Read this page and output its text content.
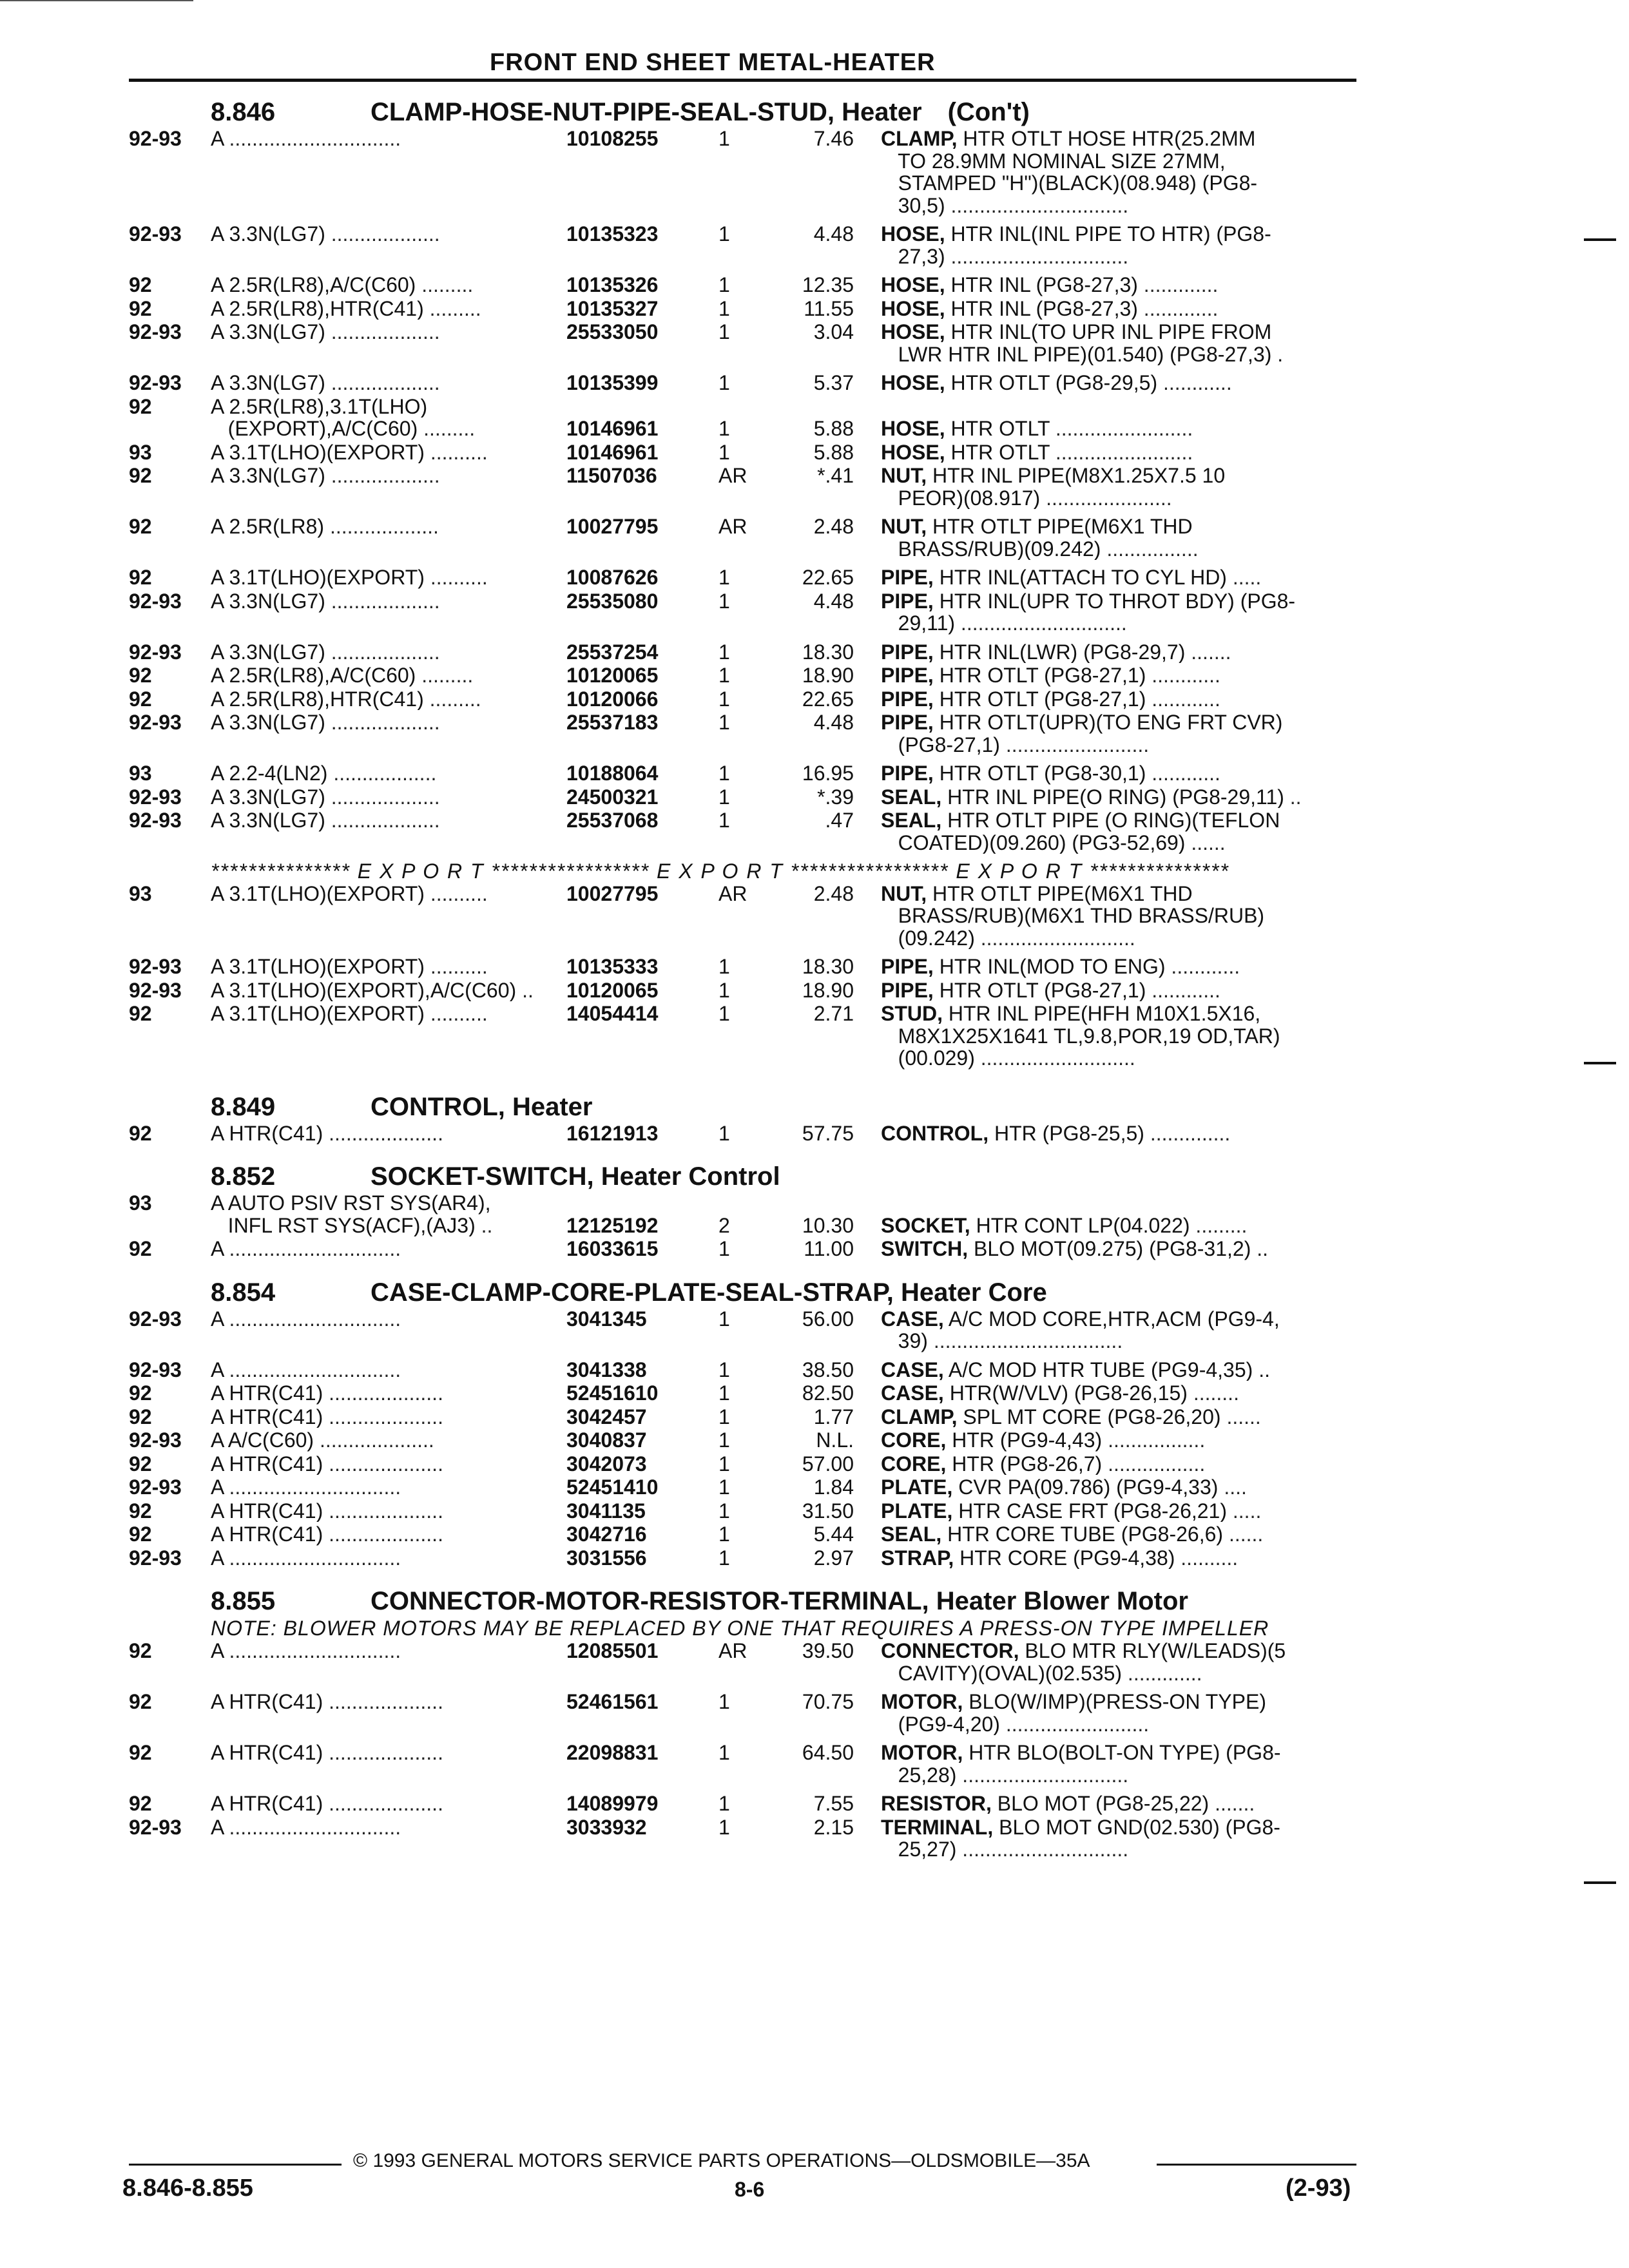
FRONT END SHEET METAL-HEATER
8.846	CLAMP-HOSE-NUT-PIPE-SEAL-STUD, Heater (Con't)
92-93	A ..............................	10108255	1	7.46	CLAMP, HTR OTLT HOSE HTR(25.2MM
TO 28.9MM NOMINAL SIZE 27MM,
STAMPED "H")(BLACK)(08.948) (PG8-
30,5) ...............................
92-93	A 3.3N(LG7) ...................	10135323	1	4.48	HOSE, HTR INL(INL PIPE TO HTR) (PG8-
27,3) ...............................
92	A 2.5R(LR8),A/C(C60) .........	10135326	1	12.35	HOSE, HTR INL (PG8-27,3) .............
92	A 2.5R(LR8),HTR(C41) .........	10135327	1	11.55	HOSE, HTR INL (PG8-27,3) .............
92-93	A 3.3N(LG7) ...................	25533050	1	3.04	HOSE, HTR INL(TO UPR INL PIPE FROM
LWR HTR INL PIPE)(01.540) (PG8-27,3) .
92-93	A 3.3N(LG7) ...................	10135399	1	5.37	HOSE, HTR OTLT (PG8-29,5) ............
92	A 2.5R(LR8),3.1T(LHO)
(EXPORT),A/C(C60) .........	10146961	1	5.88	HOSE, HTR OTLT ........................
93	A 3.1T(LHO)(EXPORT) ..........	10146961	1	5.88	HOSE, HTR OTLT ........................
92	A 3.3N(LG7) ...................	11507036	AR	*.41	NUT, HTR INL PIPE(M8X1.25X7.5 10
PEOR)(08.917) ......................
92	A 2.5R(LR8) ...................	10027795	AR	2.48	NUT, HTR OTLT PIPE(M6X1 THD
BRASS/RUB)(09.242) ................
92	A 3.1T(LHO)(EXPORT) ..........	10087626	1	22.65	PIPE, HTR INL(ATTACH TO CYL HD) .....
92-93	A 3.3N(LG7) ...................	25535080	1	4.48	PIPE, HTR INL(UPR TO THROT BDY) (PG8-
29,11) .............................
92-93	A 3.3N(LG7) ...................	25537254	1	18.30	PIPE, HTR INL(LWR) (PG8-29,7) .......
92	A 2.5R(LR8),A/C(C60) .........	10120065	1	18.90	PIPE, HTR OTLT (PG8-27,1) ............
92	A 2.5R(LR8),HTR(C41) .........	10120066	1	22.65	PIPE, HTR OTLT (PG8-27,1) ............
92-93	A 3.3N(LG7) ...................	25537183	1	4.48	PIPE, HTR OTLT(UPR)(TO ENG FRT CVR)
(PG8-27,1) .........................
93	A 2.2-4(LN2) ..................	10188064	1	16.95	PIPE, HTR OTLT (PG8-30,1) ............
92-93	A 3.3N(LG7) ...................	24500321	1	*.39	SEAL, HTR INL PIPE(O RING) (PG8-29,11) ..
92-93	A 3.3N(LG7) ...................	25537068	1	.47	SEAL, HTR OTLT PIPE (O RING)(TEFLON
COATED)(09.260) (PG3-52,69) ......
*************** E X P O R T ***************** E X P O R T ***************** E X P O R T ***************
93	A 3.1T(LHO)(EXPORT) ..........	10027795	AR	2.48	NUT, HTR OTLT PIPE(M6X1 THD
BRASS/RUB)(M6X1 THD BRASS/RUB)
(09.242) ...........................
92-93	A 3.1T(LHO)(EXPORT) ..........	10135333	1	18.30	PIPE, HTR INL(MOD TO ENG) ............
92-93	A 3.1T(LHO)(EXPORT),A/C(C60) ..	10120065	1	18.90	PIPE, HTR OTLT (PG8-27,1) ............
92	A 3.1T(LHO)(EXPORT) ..........	14054414	1	2.71	STUD, HTR INL PIPE(HFH M10X1.5X16,
M8X1X25X1641 TL,9.8,POR,19 OD,TAR)
(00.029) ...........................
8.849	CONTROL, Heater
92	A HTR(C41) ....................	16121913	1	57.75	CONTROL, HTR (PG8-25,5) ..............
8.852	SOCKET-SWITCH, Heater Control
93	A AUTO PSIV RST SYS(AR4),
INFL RST SYS(ACF),(AJ3) ..	12125192	2	10.30	SOCKET, HTR CONT LP(04.022) .........
92	A ..............................	16033615	1	11.00	SWITCH, BLO MOT(09.275) (PG8-31,2) ..
8.854	CASE-CLAMP-CORE-PLATE-SEAL-STRAP, Heater Core
92-93	A ..............................	3041345	1	56.00	CASE, A/C MOD CORE,HTR,ACM (PG9-4,
39) .................................
92-93	A ..............................	3041338	1	38.50	CASE, A/C MOD HTR TUBE (PG9-4,35) ..
92	A HTR(C41) ....................	52451610	1	82.50	CASE, HTR(W/VLV) (PG8-26,15) ........
92	A HTR(C41) ....................	3042457	1	1.77	CLAMP, SPL MT CORE (PG8-26,20) ......
92-93	A A/C(C60) ....................	3040837	1	N.L.	CORE, HTR (PG9-4,43) .................
92	A HTR(C41) ....................	3042073	1	57.00	CORE, HTR (PG8-26,7) .................
92-93	A ..............................	52451410	1	1.84	PLATE, CVR PA(09.786) (PG9-4,33) ....
92	A HTR(C41) ....................	3041135	1	31.50	PLATE, HTR CASE FRT (PG8-26,21) .....
92	A HTR(C41) ....................	3042716	1	5.44	SEAL, HTR CORE TUBE (PG8-26,6) ......
92-93	A ..............................	3031556	1	2.97	STRAP, HTR CORE (PG9-4,38) ..........
8.855	CONNECTOR-MOTOR-RESISTOR-TERMINAL, Heater Blower Motor
NOTE: BLOWER MOTORS MAY BE REPLACED BY ONE THAT REQUIRES A PRESS-ON TYPE IMPELLER
92	A ..............................	12085501	AR	39.50	CONNECTOR, BLO MTR RLY(W/LEADS)(5
CAVITY)(OVAL)(02.535) .............
92	A HTR(C41) ....................	52461561	1	70.75	MOTOR, BLO(W/IMP)(PRESS-ON TYPE)
(PG9-4,20) .........................
92	A HTR(C41) ....................	22098831	1	64.50	MOTOR, HTR BLO(BOLT-ON TYPE) (PG8-
25,28) .............................
92	A HTR(C41) ....................	14089979	1	7.55	RESISTOR, BLO MOT (PG8-25,22) .......
92-93	A ..............................	3033932	1	2.15	TERMINAL, BLO MOT GND(02.530) (PG8-
25,27) .............................
© 1993 GENERAL MOTORS SERVICE PARTS OPERATIONS—OLDSMOBILE—35A
8.846-8.855	8-6	(2-93)
